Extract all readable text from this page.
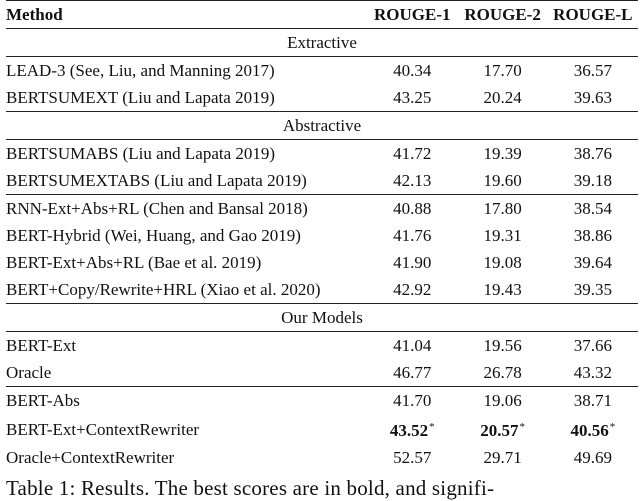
Method	ROUGE-1	ROUGE-2	ROUGE-L
Extractive			
LEAD-3 (See, Liu, and Manning 2017)	40.34	17.70	36.57
BERTSUMEXT (Liu and Lapata 2019)	43.25	20.24	39.63
Abstractive			
BERTSUMABS (Liu and Lapata 2019)	41.72	19.39	38.76
BERTSUMEXTABS (Liu and Lapata 2019)	42.13	19.60	39.18
RNN-Ext+Abs+RL (Chen and Bansal 2018)	40.88	17.80	38.54
BERT-Hybrid (Wei, Huang, and Gao 2019)	41.76	19.31	38.86
BERT-Ext+Abs+RL (Bae et al. 2019)	41.90	19.08	39.64
BERT+Copy/Rewrite+HRL (Xiao et al. 2020)	42.92	19.43	39.35
Our Models			
BERT-Ext	41.04	19.56	37.66
Oracle	46.77	26.78	43.32
BERT-Abs	41.70	19.06	38.71
BERT-Ext+ContextRewriter	43.52*	20.57*	40.56*
Oracle+ContextRewriter	52.57	29.71	49.69
Table 1: Results. The best scores are in bold, and signifi-
